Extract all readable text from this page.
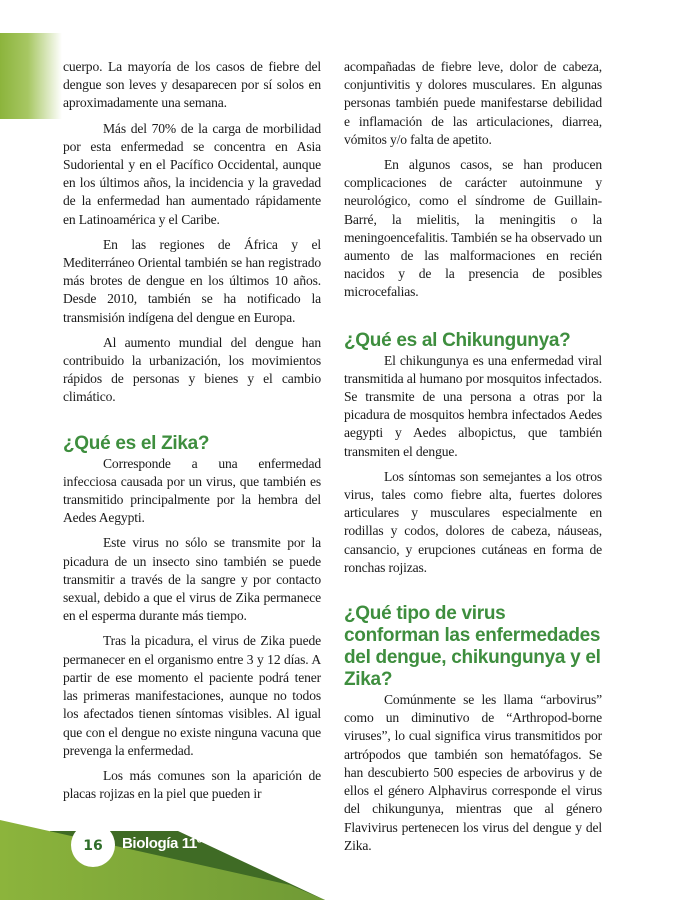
cuerpo. La mayoría de los casos de fiebre del dengue son leves y desaparecen por sí solos en aproximadamente una semana.

Más del 70% de la carga de morbilidad por esta enfermedad se concentra en Asia Sudoriental y en el Pacífico Occidental, aunque en los últimos años, la incidencia y la gravedad de la enfermedad han aumentado rápidamente en Latinoamérica y el Caribe.

En las regiones de África y el Mediterráneo Oriental también se han registrado más brotes de dengue en los últimos 10 años. Desde 2010, también se ha notificado la transmisión indígena del dengue en Europa.

Al aumento mundial del dengue han contribuido la urbanización, los movimientos rápidos de personas y bienes y el cambio climático.

¿Qué es el Zika?

Corresponde a una enfermedad infecciosa causada por un virus, que también es transmitido principalmente por la hembra del Aedes Aegypti.

Este virus no sólo se transmite por la picadura de un insecto sino también se puede transmitir a través de la sangre y por contacto sexual, debido a que el virus de Zika permanece en el esperma durante más tiempo.

Tras la picadura, el virus de Zika puede permanecer en el organismo entre 3 y 12 días. A partir de ese momento el paciente podrá tener las primeras manifestaciones, aunque no todos los afectados tienen síntomas visibles. Al igual que con el dengue no existe ninguna vacuna que prevenga la enfermedad.

Los más comunes son la aparición de placas rojizas en la piel que pueden ir

acompañadas de fiebre leve, dolor de cabeza, conjuntivitis y dolores musculares. En algunas personas también puede manifestarse debilidad e inflamación de las articulaciones, diarrea, vómitos y/o falta de apetito.

En algunos casos, se han producen complicaciones de carácter autoinmune y neurológico, como el síndrome de Guillain-Barré, la mielitis, la meningitis o la meningoencefalitis. También se ha observado un aumento de las malformaciones en recién nacidos y de la presencia de posibles microcefalias.

¿Qué es al Chikungunya?

El chikungunya es una enfermedad viral transmitida al humano por mosquitos infectados. Se transmite de una persona a otras por la picadura de mosquitos hembra infectados Aedes aegypti y Aedes albopictus, que también transmiten el dengue.

Los síntomas son semejantes a los otros virus, tales como fiebre alta, fuertes dolores articulares y musculares especialmente en rodillas y codos, dolores de cabeza, náuseas, cansancio, y erupciones cutáneas en forma de ronchas rojizas.

¿Qué tipo de virus conforman las enfermedades del dengue, chikungunya y el Zika?

Comúnmente se les llama “arbovirus” como un diminutivo de “Arthropod-borne viruses”, lo cual significa virus transmitidos por artrópodos que también son hematófagos. Se han descubierto 500 especies de arbovirus y de ellos el género Alphavirus corresponde el virus del chikungunya, mientras que al género Flavivirus pertenecen los virus del dengue y del Zika.

16	Biología 11º
